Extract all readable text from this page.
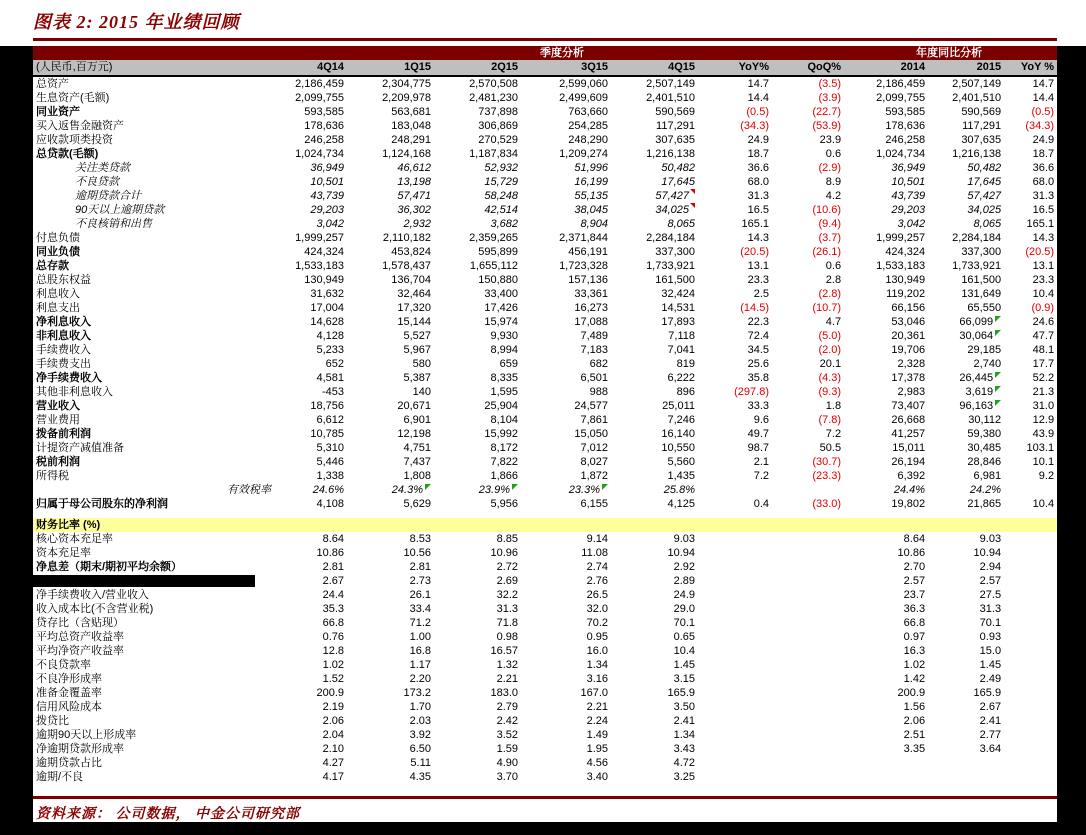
图表 2: 2015 年业绩回顾
	季度分析							年度同比分析		
(人民币,百万元)	4Q14	1Q15	2Q15	3Q15	4Q15	YoY%	QoQ%	2014	2015	YoY %
总资产	2,186,459	2,304,775	2,570,508	2,599,060	2,507,149	14.7	(3.5)	2,186,459	2,507,149	14.7
生息资产(毛额)	2,099,755	2,209,978	2,481,230	2,499,609	2,401,510	14.4	(3.9)	2,099,755	2,401,510	14.4
同业资产	593,585	563,681	737,898	763,660	590,569	(0.5)	(22.7)	593,585	590,569	(0.5)
买入返售金融资产	178,636	183,048	306,869	254,285	117,291	(34.3)	(53.9)	178,636	117,291	(34.3)
应收款项类投资	246,258	248,291	270,529	248,290	307,635	24.9	23.9	246,258	307,635	24.9
总贷款(毛额)	1,024,734	1,124,168	1,187,834	1,209,274	1,216,138	18.7	0.6	1,024,734	1,216,138	18.7
关注类贷款	36,949	46,612	52,932	51,996	50,482	36.6	(2.9)	36,949	50,482	36.6
不良贷款	10,501	13,198	15,729	16,199	17,645	68.0	8.9	10,501	17,645	68.0
逾期贷款合计	43,739	57,471	58,248	55,135	57,427	31.3	4.2	43,739	57,427	31.3
90天以上逾期贷款	29,203	36,302	42,514	38,045	34,025	16.5	(10.6)	29,203	34,025	16.5
不良核销和出售	3,042	2,932	3,682	8,904	8,065	165.1	(9.4)	3,042	8,065	165.1
付息负债	1,999,257	2,110,182	2,359,265	2,371,844	2,284,184	14.3	(3.7)	1,999,257	2,284,184	14.3
同业负债	424,324	453,824	595,899	456,191	337,300	(20.5)	(26.1)	424,324	337,300	(20.5)
总存款	1,533,183	1,578,437	1,655,112	1,723,328	1,733,921	13.1	0.6	1,533,183	1,733,921	13.1
总股东权益	130,949	136,704	150,880	157,136	161,500	23.3	2.8	130,949	161,500	23.3
利息收入	31,632	32,464	33,400	33,361	32,424	2.5	(2.8)	119,202	131,649	10.4
利息支出	17,004	17,320	17,426	16,273	14,531	(14.5)	(10.7)	66,156	65,550	(0.9)
净利息收入	14,628	15,144	15,974	17,088	17,893	22.3	4.7	53,046	66,099	24.6
非利息收入	4,128	5,527	9,930	7,489	7,118	72.4	(5.0)	20,361	30,064	47.7
手续费收入	5,233	5,967	8,994	7,183	7,041	34.5	(2.0)	19,706	29,185	48.1
手续费支出	652	580	659	682	819	25.6	20.1	2,328	2,740	17.7
净手续费收入	4,581	5,387	8,335	6,501	6,222	35.8	(4.3)	17,378	26,445	52.2
其他非利息收入	-453	140	1,595	988	896	(297.8)	(9.3)	2,983	3,619	21.3
营业收入	18,756	20,671	25,904	24,577	25,011	33.3	1.8	73,407	96,163	31.0
营业费用	6,612	6,901	8,104	7,861	7,246	9.6	(7.8)	26,668	30,112	12.9
拨备前利润	10,785	12,198	15,992	15,050	16,140	49.7	7.2	41,257	59,380	43.9
计提资产减值准备	5,310	4,751	8,172	7,012	10,550	98.7	50.5	15,011	30,485	103.1
税前利润	5,446	7,437	7,822	8,027	5,560	2.1	(30.7)	26,194	28,846	10.1
所得税	1,338	1,808	1,866	1,872	1,435	7.2	(23.3)	6,392	6,981	9.2
有效税率	24.6%	24.3%	23.9%	23.3%	25.8%			24.4%	24.2%	
归属于母公司股东的净利润	4,108	5,629	5,956	6,155	4,125	0.4	(33.0)	19,802	21,865	10.4

财务比率 (%)										
核心资本充足率	8.64	8.53	8.85	9.14	9.03			8.64	9.03	
资本充足率	10.86	10.56	10.96	11.08	10.94			10.86	10.94	
净息差（期末/期初平均余额）	2.81	2.81	2.72	2.74	2.92			2.70	2.94	
	2.67	2.73	2.69	2.76	2.89			2.57	2.57	
净手续费收入/营业收入	24.4	26.1	32.2	26.5	24.9			23.7	27.5	
收入成本比(不含营业税)	35.3	33.4	31.3	32.0	29.0			36.3	31.3	
贷存比（含贴现）	66.8	71.2	71.8	70.2	70.1			66.8	70.1	
平均总资产收益率	0.76	1.00	0.98	0.95	0.65			0.97	0.93	
平均净资产收益率	12.8	16.8	16.57	16.0	10.4			16.3	15.0	
不良贷款率	1.02	1.17	1.32	1.34	1.45			1.02	1.45	
不良净形成率	1.52	2.20	2.21	3.16	3.15			1.42	2.49	
准备金覆盖率	200.9	173.2	183.0	167.0	165.9			200.9	165.9	
信用风险成本	2.19	1.70	2.79	2.21	3.50			1.56	2.67	
拨贷比	2.06	2.03	2.42	2.24	2.41			2.06	2.41	
逾期90天以上形成率	2.04	3.92	3.52	1.49	1.34			2.51	2.77	
净逾期贷款形成率	2.10	6.50	1.59	1.95	3.43			3.35	3.64	
逾期贷款占比	4.27	5.11	4.90	4.56	4.72					
逾期/不良	4.17	4.35	3.70	3.40	3.25					
资料来源： 公司数据， 中金公司研究部
